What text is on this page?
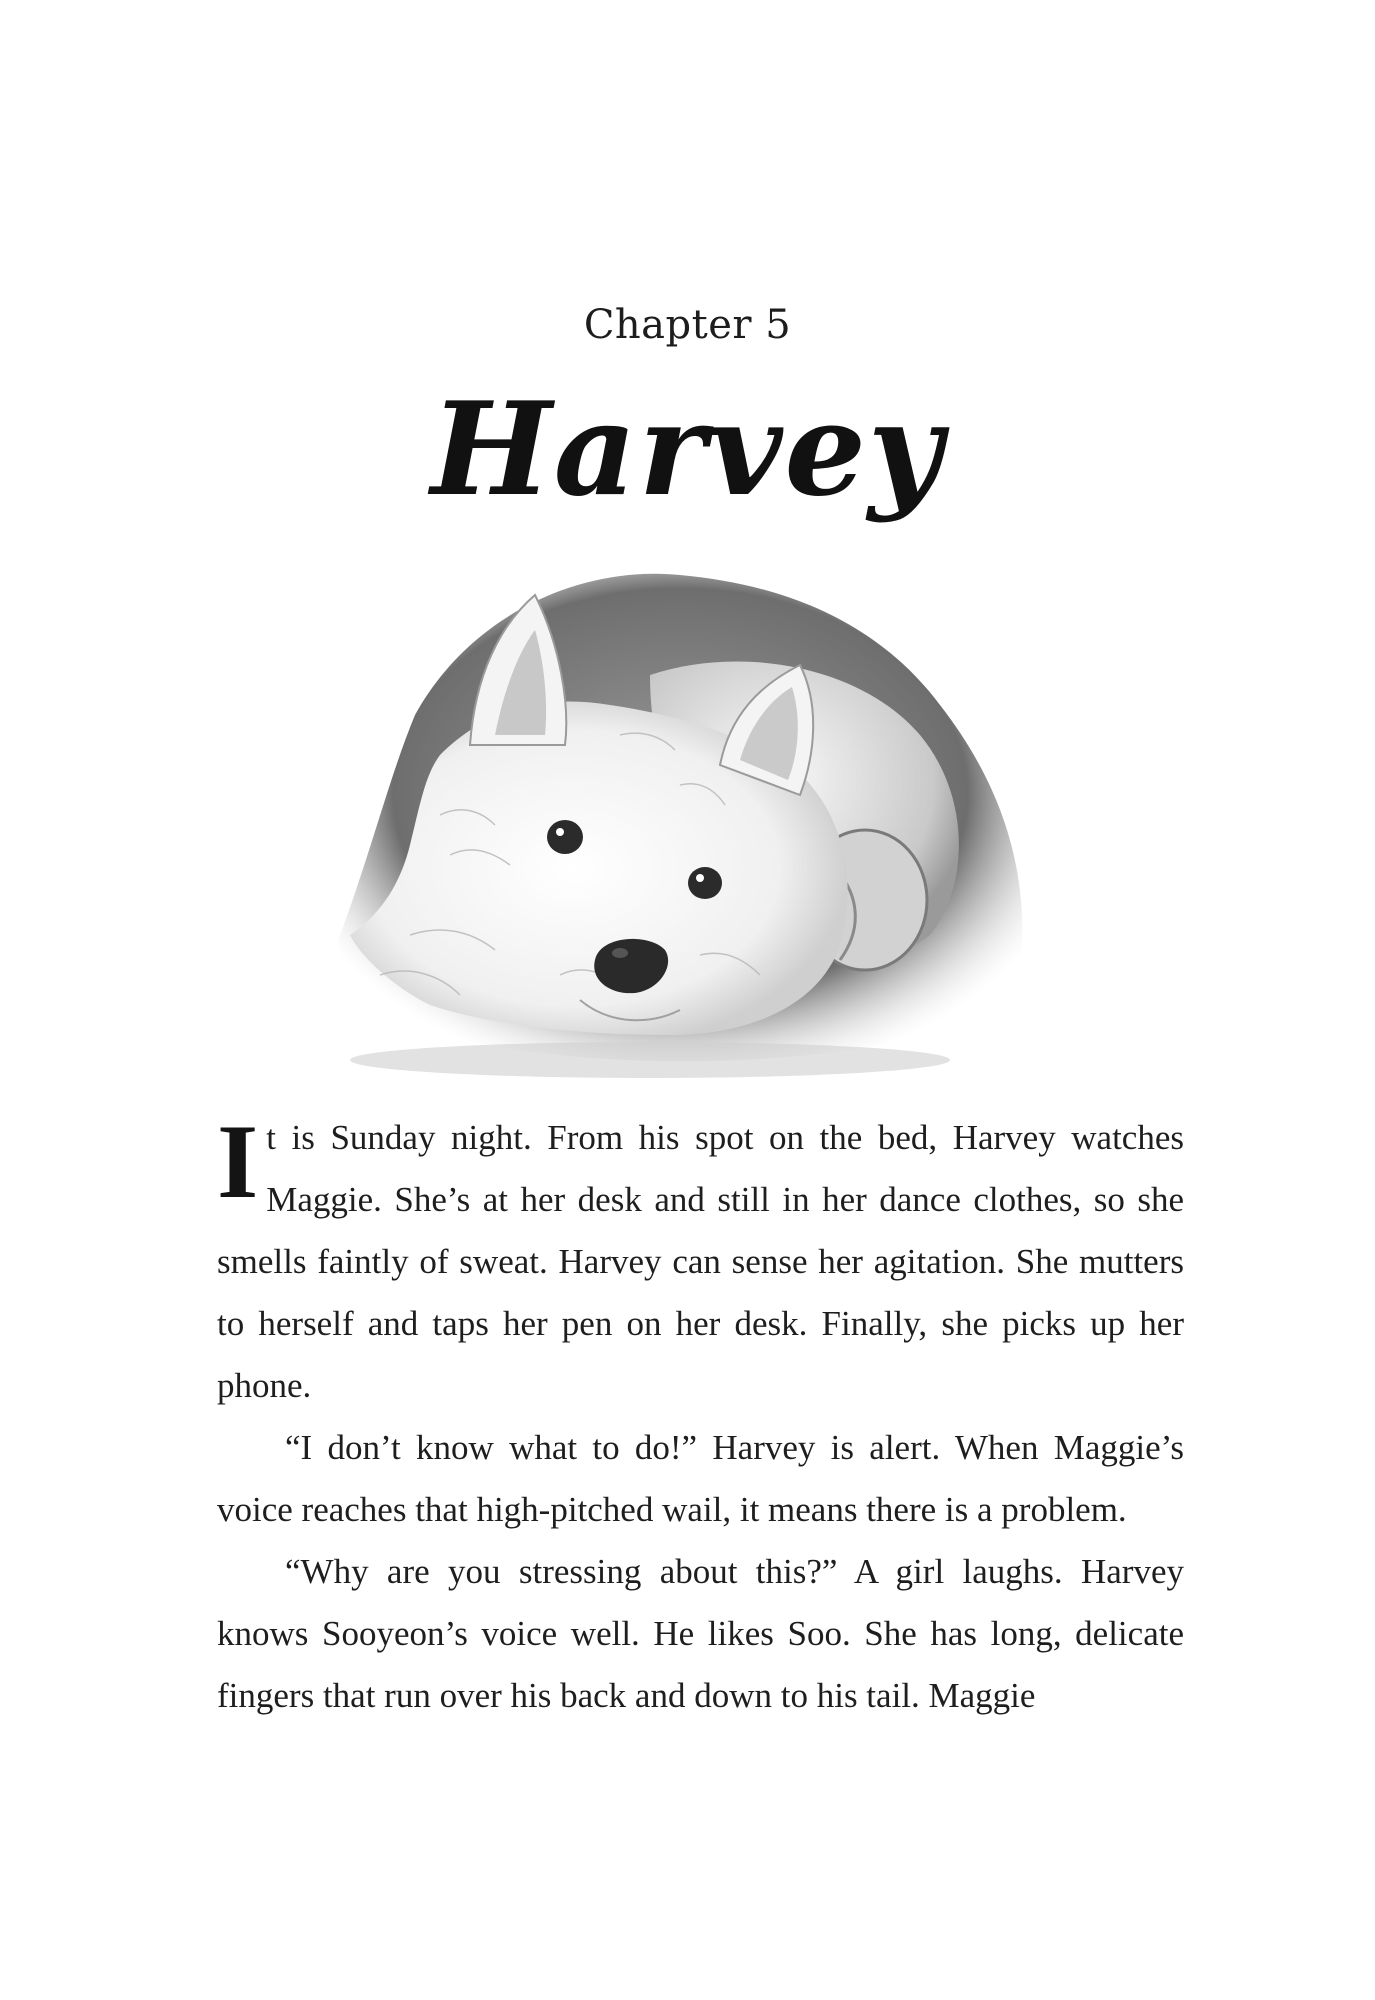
Chapter 5
Harvey

It is Sunday night. From his spot on the bed, Harvey watches Maggie. She’s at her desk and still in her dance clothes, so she smells faintly of sweat. Harvey can sense her agitation. She mutters to herself and taps her pen on her desk. Finally, she picks up her phone.

“I don’t know what to do!” Harvey is alert. When Maggie’s voice reaches that high-pitched wail, it means there is a problem.

“Why are you stressing about this?” A girl laughs. Harvey knows Sooyeon’s voice well. He likes Soo. She has long, delicate fingers that run over his back and down to his tail. Maggie
